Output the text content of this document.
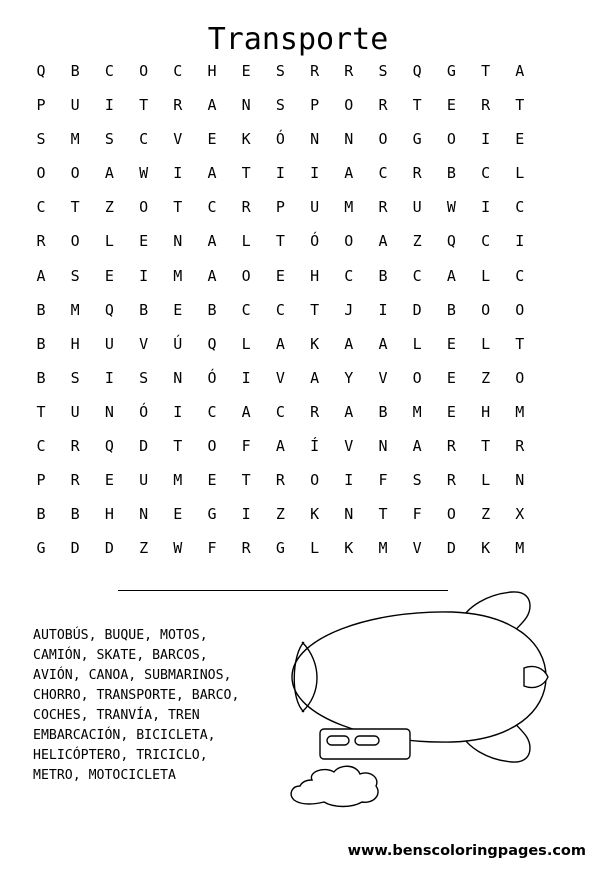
Transporte
Q	B	C	O	C	H	E	S	R	R	S	Q	G	T	A
P	U	I	T	R	A	N	S	P	O	R	T	E	R	T
S	M	S	C	V	E	K	Ó	N	N	O	G	O	I	E
O	O	A	W	I	A	T	I	I	A	C	R	B	C	L
C	T	Z	O	T	C	R	P	U	M	R	U	W	I	C
R	O	L	E	N	A	L	T	Ó	O	A	Z	Q	C	I
A	S	E	I	M	A	O	E	H	C	B	C	A	L	C
B	M	Q	B	E	B	C	C	T	J	I	D	B	O	O
B	H	U	V	Ú	Q	L	A	K	A	A	L	E	L	T
B	S	I	S	N	Ó	I	V	A	Y	V	O	E	Z	O
T	U	N	Ó	I	C	A	C	R	A	B	M	E	H	M
C	R	Q	D	T	O	F	A	Í	V	N	A	R	T	R
P	R	E	U	M	E	T	R	O	I	F	S	R	L	N
B	B	H	N	E	G	I	Z	K	N	T	F	O	Z	X
G	D	D	Z	W	F	R	G	L	K	M	V	D	K	M
AUTOBÚS, BUQUE, MOTOS,
CAMIÓN, SKATE, BARCOS,
AVIÓN, CANOA, SUBMARINOS,
CHORRO, TRANSPORTE, BARCO,
COCHES, TRANVÍA, TREN
EMBARCACIÓN, BICICLETA,
HELICÓPTERO, TRICICLO,
METRO, MOTOCICLETA
www.benscoloringpages.com
